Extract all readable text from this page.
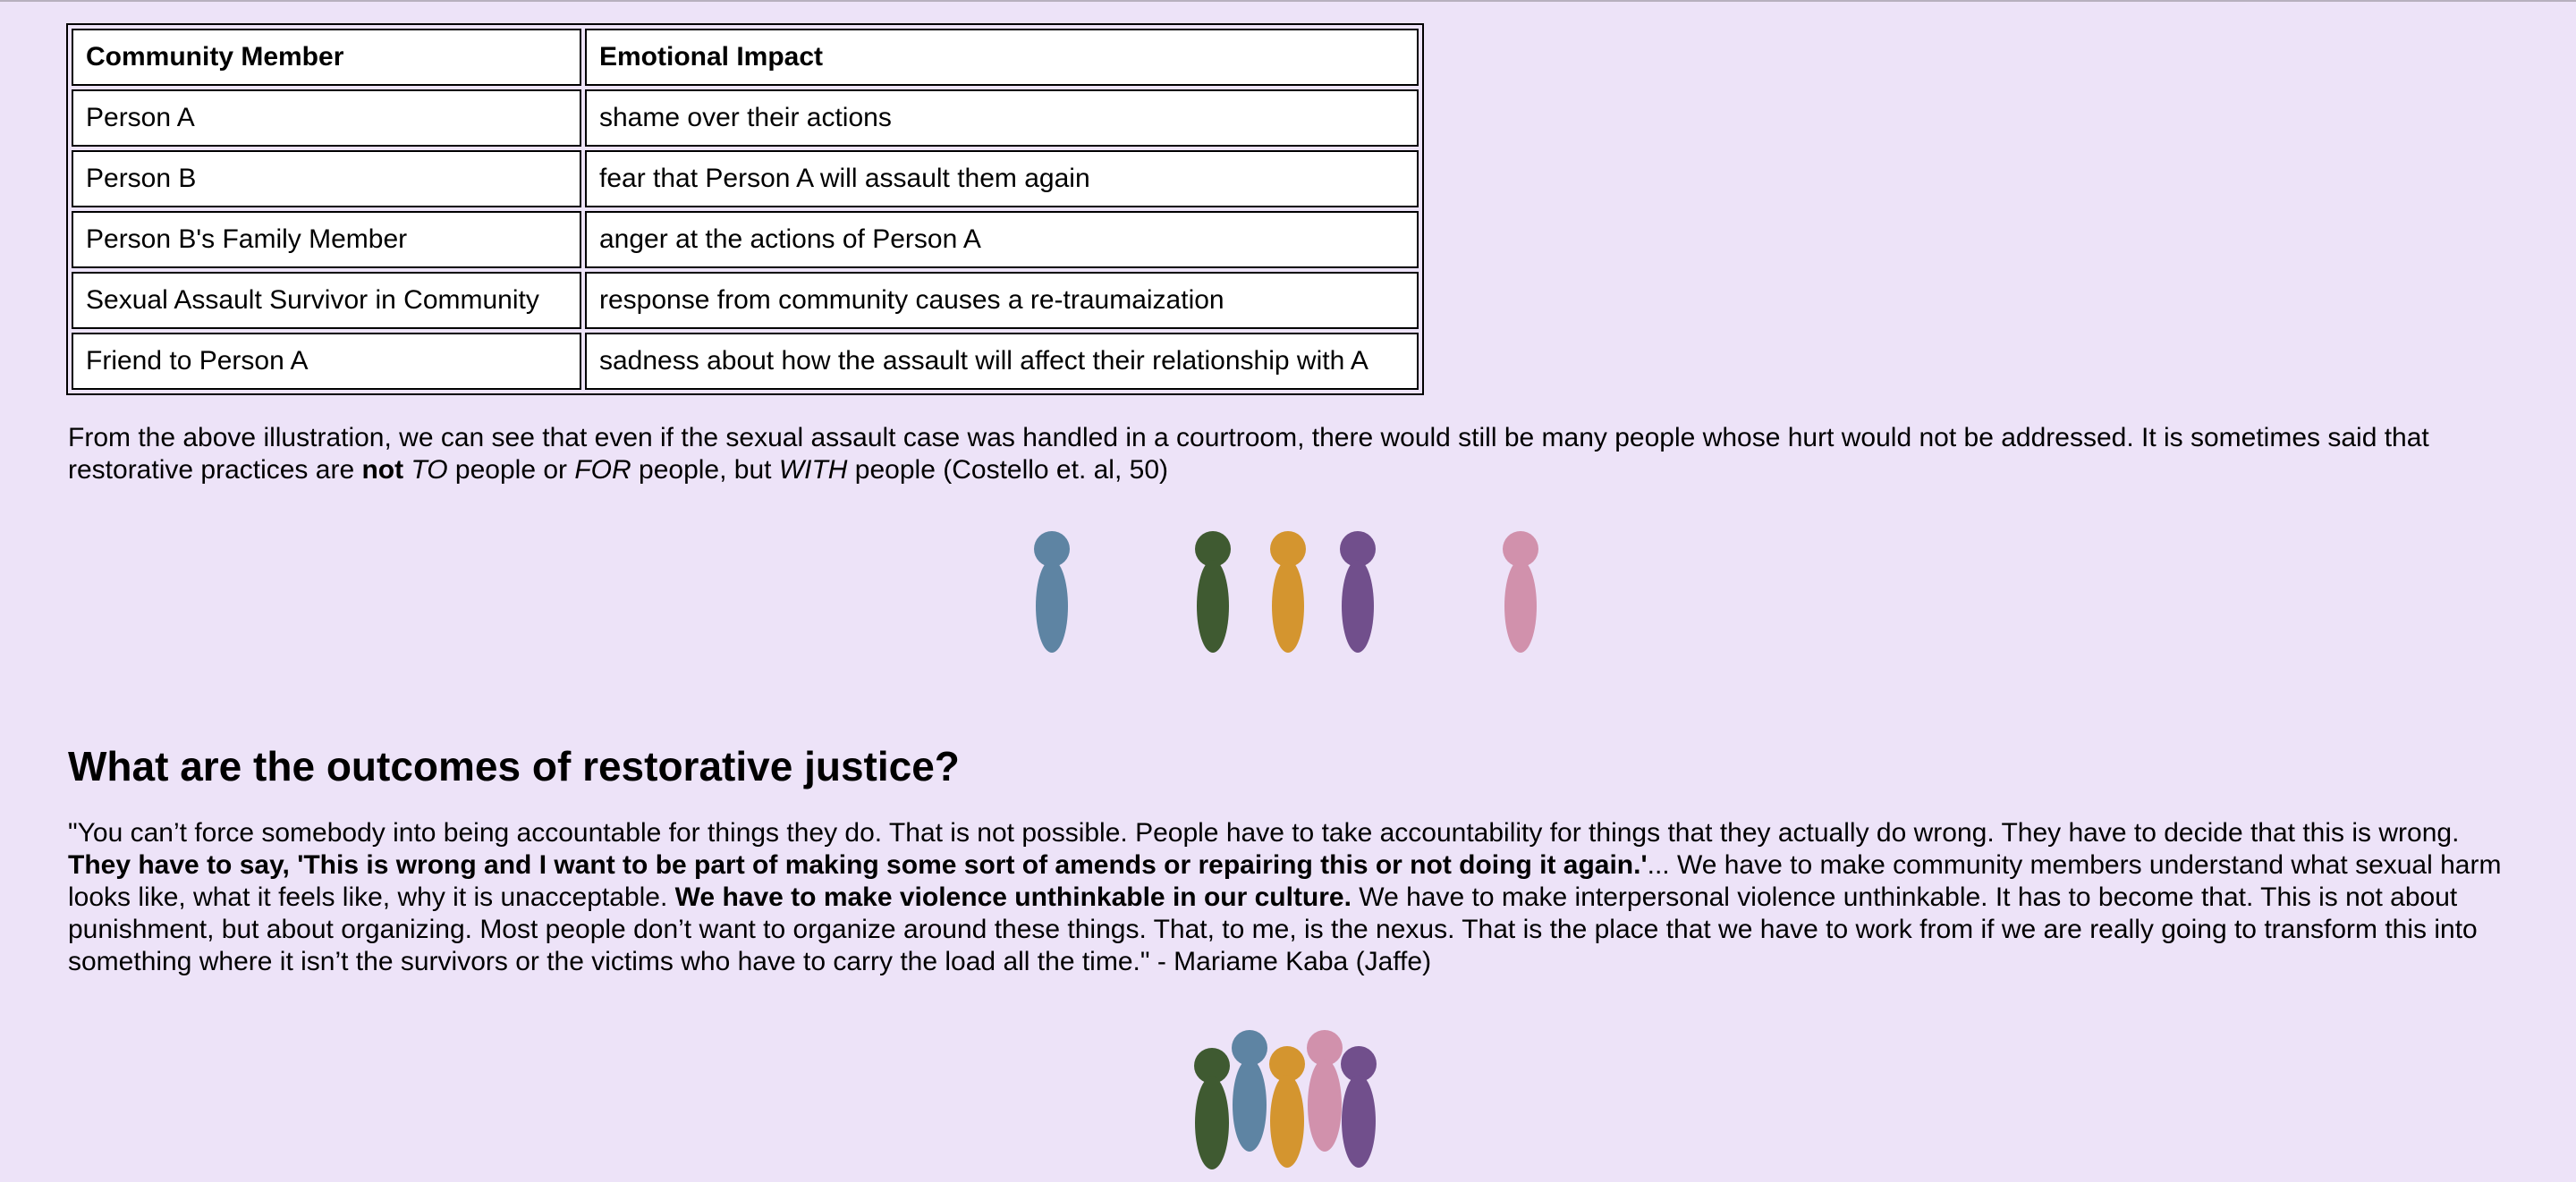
Community Member	Emotional Impact
Person A	shame over their actions
Person B	fear that Person A will assault them again
Person B's Family Member	anger at the actions of Person A
Sexual Assault Survivor in Community	response from community causes a re-traumaization
Friend to Person A	sadness about how the assault will affect their relationship with A

From the above illustration, we can see that even if the sexual assault case was handled in a courtroom, there would still be many people whose hurt would not be addressed. It is sometimes said that restorative practices are not TO people or FOR people, but WITH people (Costello et. al, 50)

What are the outcomes of restorative justice?

"You can’t force somebody into being accountable for things they do. That is not possible. People have to take accountability for things that they actually do wrong. They have to decide that this is wrong. They have to say, 'This is wrong and I want to be part of making some sort of amends or repairing this or not doing it again.'... We have to make community members understand what sexual harm looks like, what it feels like, why it is unacceptable. We have to make violence unthinkable in our culture. We have to make interpersonal violence unthinkable. It has to become that. This is not about punishment, but about organizing. Most people don’t want to organize around these things. That, to me, is the nexus. That is the place that we have to work from if we are really going to transform this into something where it isn’t the survivors or the victims who have to carry the load all the time." - Mariame Kaba (Jaffe)
